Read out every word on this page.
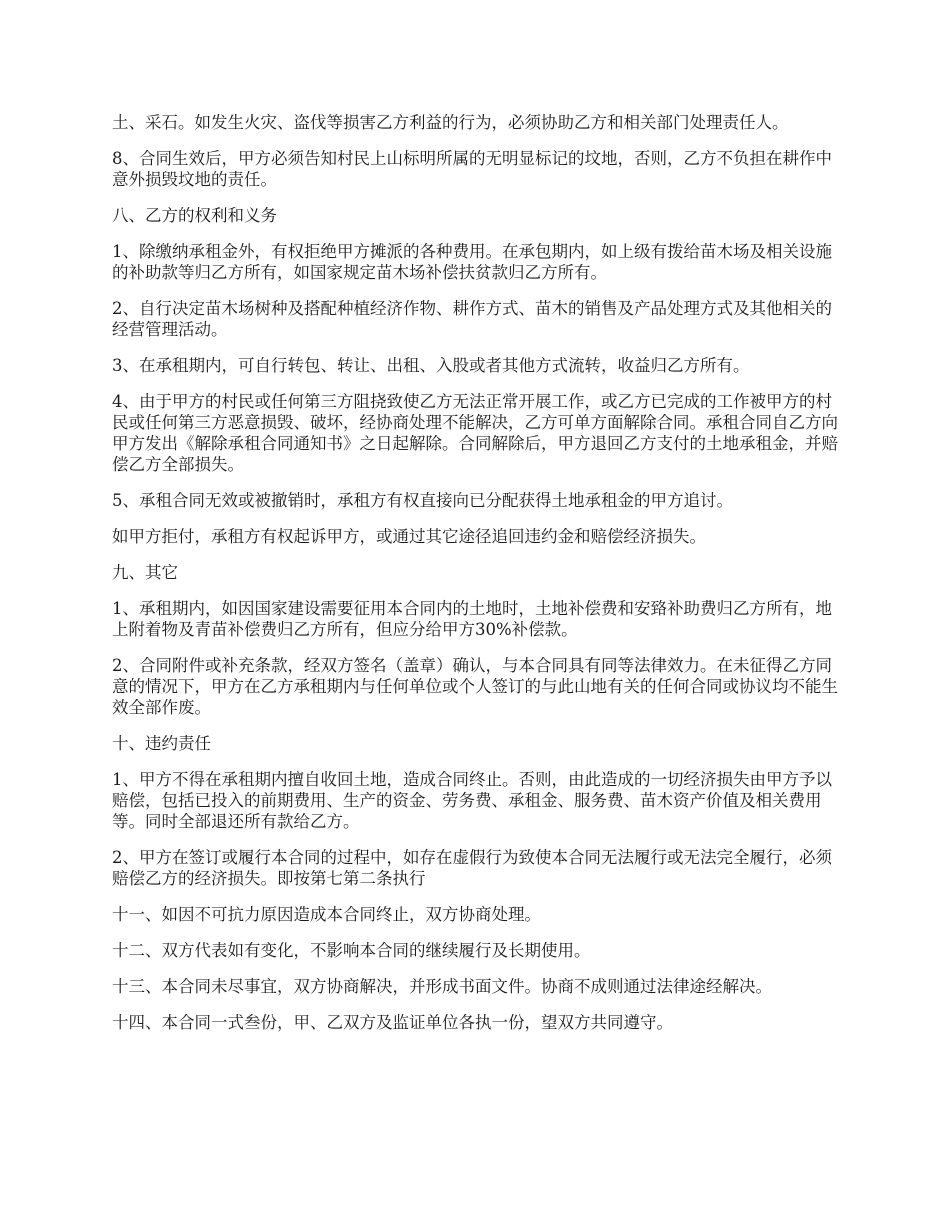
土、采石。如发生火灾、盗伐等损害乙方利益的行为，必须协助乙方和相关部门处理责任人。

8、合同生效后，甲方必须告知村民上山标明所属的无明显标记的坟地，否则，乙方不负担在耕作中意外损毁坟地的责任。

八、乙方的权利和义务

1、除缴纳承租金外，有权拒绝甲方摊派的各种费用。在承包期内，如上级有拨给苗木场及相关设施的补助款等归乙方所有，如国家规定苗木场补偿扶贫款归乙方所有。

2、自行决定苗木场树种及搭配种植经济作物、耕作方式、苗木的销售及产品处理方式及其他相关的经营管理活动。

3、在承租期内，可自行转包、转让、出租、入股或者其他方式流转，收益归乙方所有。

4、由于甲方的村民或任何第三方阻挠致使乙方无法正常开展工作，或乙方已完成的工作被甲方的村民或任何第三方恶意损毁、破坏，经协商处理不能解决，乙方可单方面解除合同。承租合同自乙方向甲方发出《解除承租合同通知书》之日起解除。合同解除后，甲方退回乙方支付的土地承租金，并赔偿乙方全部损失。

5、承租合同无效或被撤销时，承租方有权直接向已分配获得土地承租金的甲方追讨。

如甲方拒付，承租方有权起诉甲方，或通过其它途径追回违约金和赔偿经济损失。

九、其它

1、承租期内，如因国家建设需要征用本合同内的土地时，土地补偿费和安臵补助费归乙方所有，地上附着物及青苗补偿费归乙方所有，但应分给甲方30%补偿款。

2、合同附件或补充条款，经双方签名（盖章）确认，与本合同具有同等法律效力。在未征得乙方同意的情况下，甲方在乙方承租期内与任何单位或个人签订的与此山地有关的任何合同或协议均不能生效全部作废。

十、违约责任

1、甲方不得在承租期内擅自收回土地，造成合同终止。否则，由此造成的一切经济损失由甲方予以赔偿，包括已投入的前期费用、生产的资金、劳务费、承租金、服务费、苗木资产价值及相关费用等。同时全部退还所有款给乙方。

2、甲方在签订或履行本合同的过程中，如存在虚假行为致使本合同无法履行或无法完全履行，必须赔偿乙方的经济损失。即按第七第二条执行

十一、如因不可抗力原因造成本合同终止，双方协商处理。

十二、双方代表如有变化，不影响本合同的继续履行及长期使用。

十三、本合同未尽事宜，双方协商解决，并形成书面文件。协商不成则通过法律途经解决。

十四、本合同一式叁份，甲、乙双方及监证单位各执一份，望双方共同遵守。
